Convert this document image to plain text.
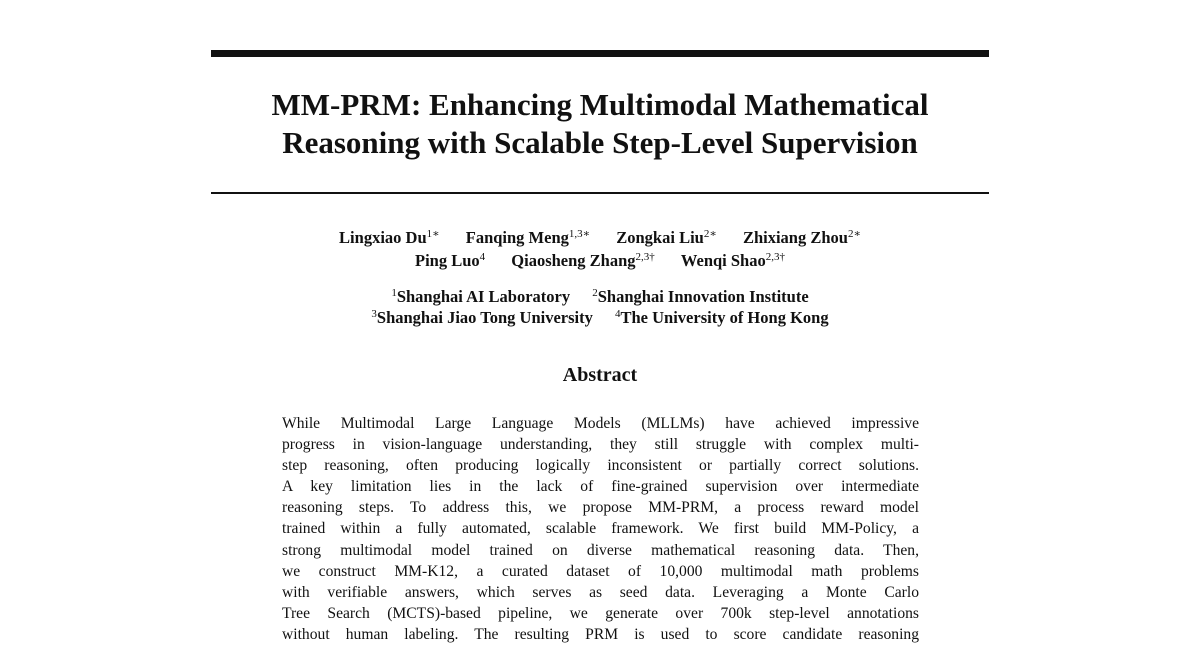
MM-PRM: Enhancing Multimodal Mathematical
Reasoning with Scalable Step-Level Supervision
Lingxiao $Du^{1∗}$ Fanqing Meng$^{1,3∗}$ Zongkai Liu$^{2∗}$ Zhixiang Zhou$^{2∗}$
Ping Luo$^4$ Qiaosheng Zhang$^{2,3\dagger}$ Wenqi Shao$^{2,3\dagger}$
$^1$Shanghai AI Laboratory $^2$Shanghai Innovation Institute
$^3$Shanghai Jiao Tong University $^4$The University of Hong Kong
Abstract
While Multimodal Large Language Models (MLLMs) have achieved impressive
progress in vision-language understanding, they still struggle with complex multi-
step reasoning, often producing logically inconsistent or partially correct solutions.
A key limitation lies in the lack of fine-grained supervision over intermediate
reasoning steps. To address this, we propose MM-PRM, a process reward model
trained within a fully automated, scalable framework. We first build MM-Policy, a
strong multimodal model trained on diverse mathematical reasoning data. Then,
we construct MM-K12, a curated dataset of 10,000 multimodal math problems
with verifiable answers, which serves as seed data. Leveraging a Monte Carlo
Tree Search (MCTS)-based pipeline, we generate over 700k step-level annotations
without human labeling. The resulting PRM is used to score candidate reasoning
